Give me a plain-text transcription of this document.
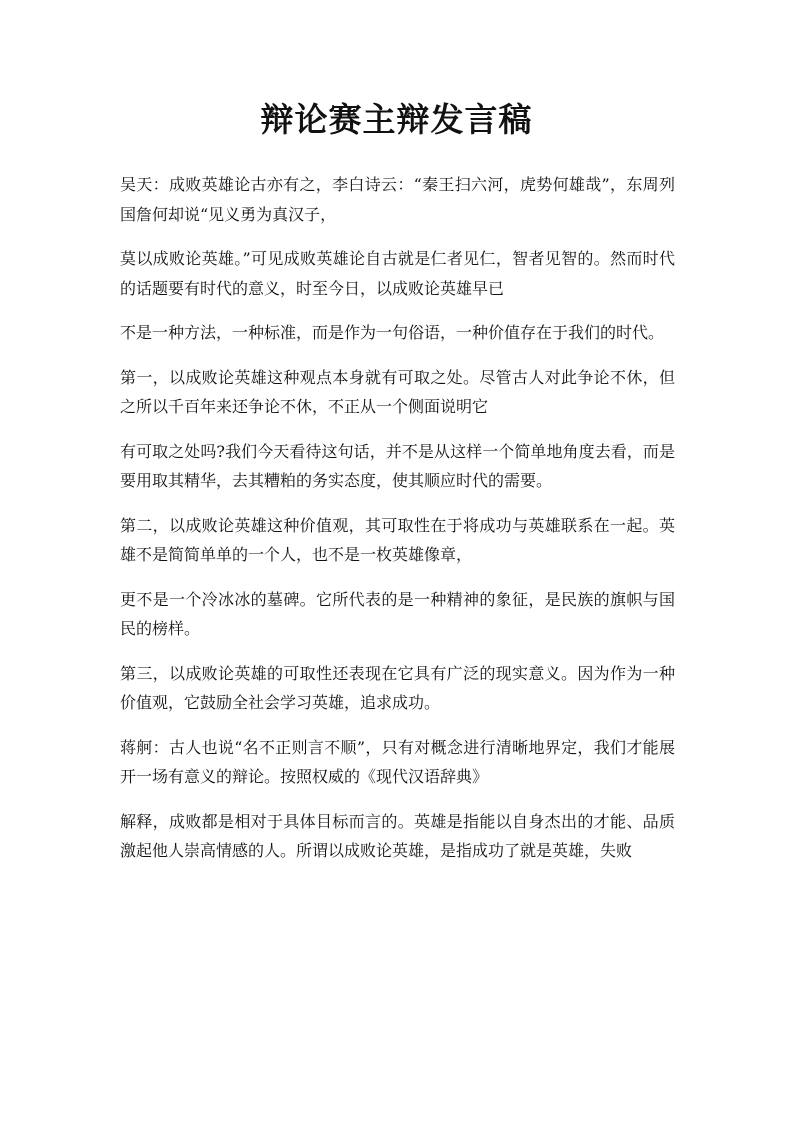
辩论赛主辩发言稿

吴天：成败英雄论古亦有之，李白诗云：“秦王扫六河，虎势何雄哉”，东周列国詹何却说“见义勇为真汉子，

莫以成败论英雄。”可见成败英雄论自古就是仁者见仁，智者见智的。然而时代的话题要有时代的意义，时至今日，以成败论英雄早已

不是一种方法，一种标准，而是作为一句俗语，一种价值存在于我们的时代。

第一，以成败论英雄这种观点本身就有可取之处。尽管古人对此争论不休，但之所以千百年来还争论不休，不正从一个侧面说明它

有可取之处吗?我们今天看待这句话，并不是从这样一个简单地角度去看，而是要用取其精华，去其糟粕的务实态度，使其顺应时代的需要。

第二，以成败论英雄这种价值观，其可取性在于将成功与英雄联系在一起。英雄不是简简单单的一个人，也不是一枚英雄像章，

更不是一个冷冰冰的墓碑。它所代表的是一种精神的象征，是民族的旗帜与国民的榜样。

第三，以成败论英雄的可取性还表现在它具有广泛的现实意义。因为作为一种价值观，它鼓励全社会学习英雄，追求成功。

蒋舸：古人也说“名不正则言不顺”，只有对概念进行清晰地界定，我们才能展开一场有意义的辩论。按照权威的《现代汉语辞典》

解释，成败都是相对于具体目标而言的。英雄是指能以自身杰出的才能、品质激起他人崇高情感的人。所谓以成败论英雄，是指成功了就是英雄，失败
